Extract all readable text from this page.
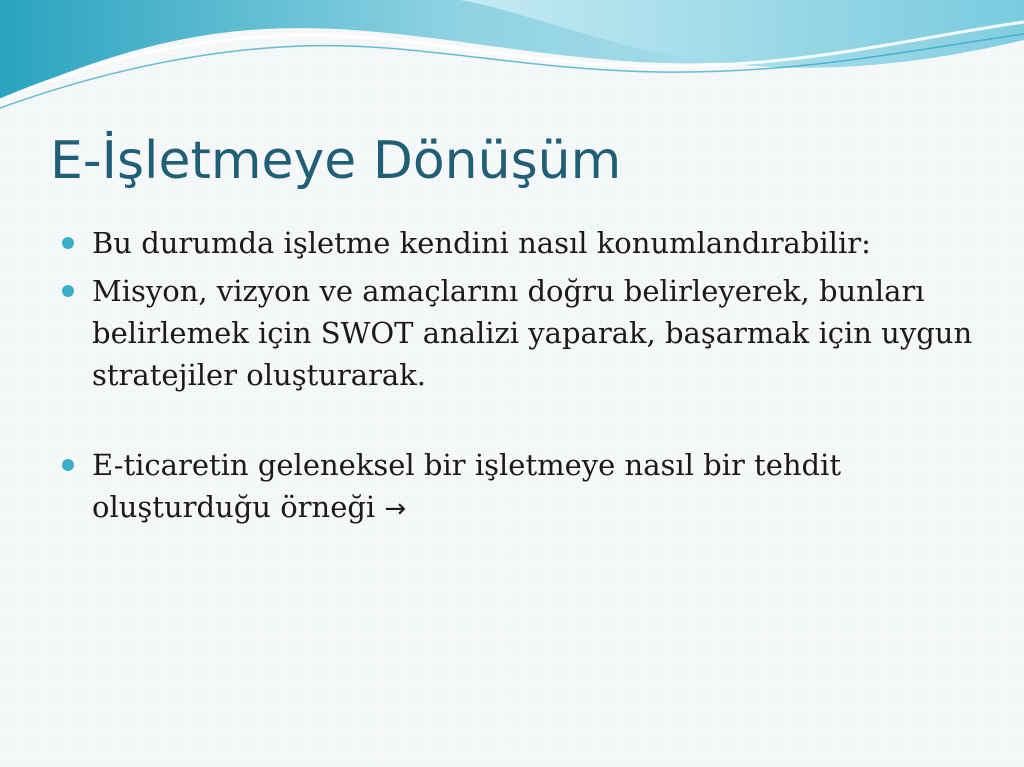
E-İşletmeye Dönüşüm
Bu durumda işletme kendini nasıl konumlandırabilir:
Misyon, vizyon ve amaçlarını doğru belirleyerek, bunları belirlemek için SWOT analizi yaparak, başarmak için uygun stratejiler oluşturarak.
E-ticaretin geleneksel bir işletmeye nasıl bir tehdit oluşturduğu örneği →
